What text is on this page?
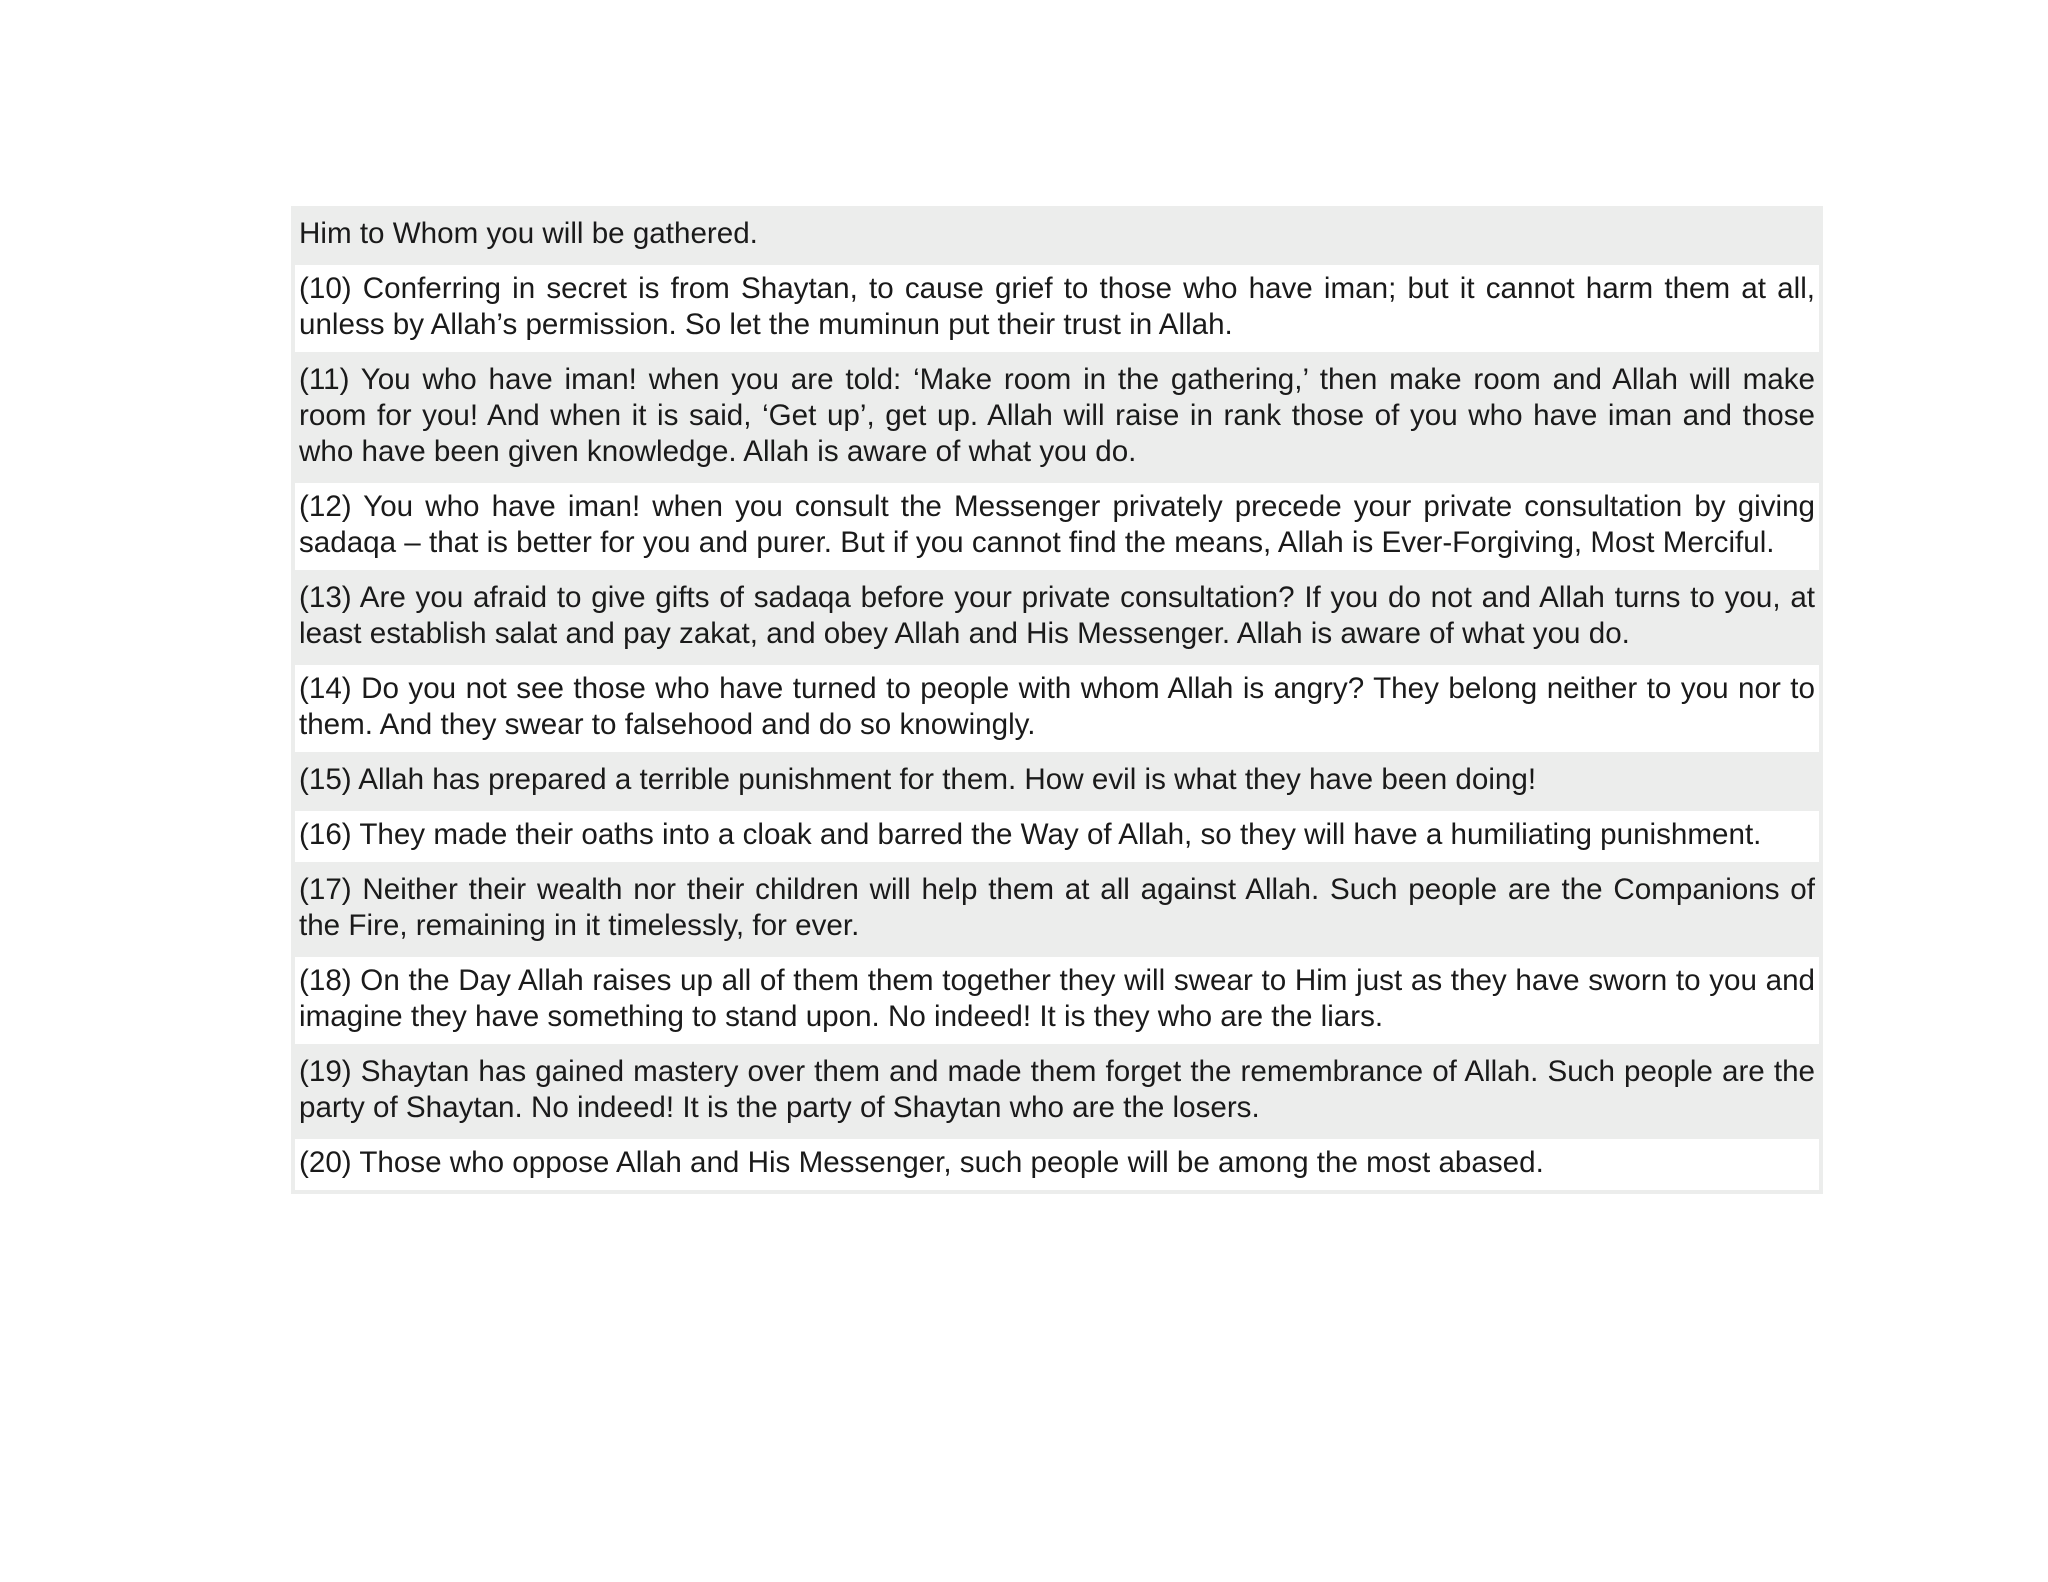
Him to Whom you will be gathered.
(10) Conferring in secret is from Shaytan, to cause grief to those who have iman; but it cannot harm them at all, unless by Allah’s permission. So let the muminun put their trust in Allah.
(11) You who have iman! when you are told: ‘Make room in the gathering,’ then make room and Allah will make room for you! And when it is said, ‘Get up’, get up. Allah will raise in rank those of you who have iman and those who have been given knowledge. Allah is aware of what you do.
(12) You who have iman! when you consult the Messenger privately precede your private consultation by giving sadaqa – that is better for you and purer. But if you cannot find the means, Allah is Ever-Forgiving, Most Merciful.
(13) Are you afraid to give gifts of sadaqa before your private consultation? If you do not and Allah turns to you, at least establish salat and pay zakat, and obey Allah and His Messenger. Allah is aware of what you do.
(14) Do you not see those who have turned to people with whom Allah is angry? They belong neither to you nor to them. And they swear to falsehood and do so knowingly.
(15) Allah has prepared a terrible punishment for them. How evil is what they have been doing!
(16) They made their oaths into a cloak and barred the Way of Allah, so they will have a humiliating punishment.
(17) Neither their wealth nor their children will help them at all against Allah. Such people are the Companions of the Fire, remaining in it timelessly, for ever.
(18) On the Day Allah raises up all of them them together they will swear to Him just as they have sworn to you and imagine they have something to stand upon. No indeed! It is they who are the liars.
(19) Shaytan has gained mastery over them and made them forget the remembrance of Allah. Such people are the party of Shaytan. No indeed! It is the party of Shaytan who are the losers.
(20) Those who oppose Allah and His Messenger, such people will be among the most abased.
